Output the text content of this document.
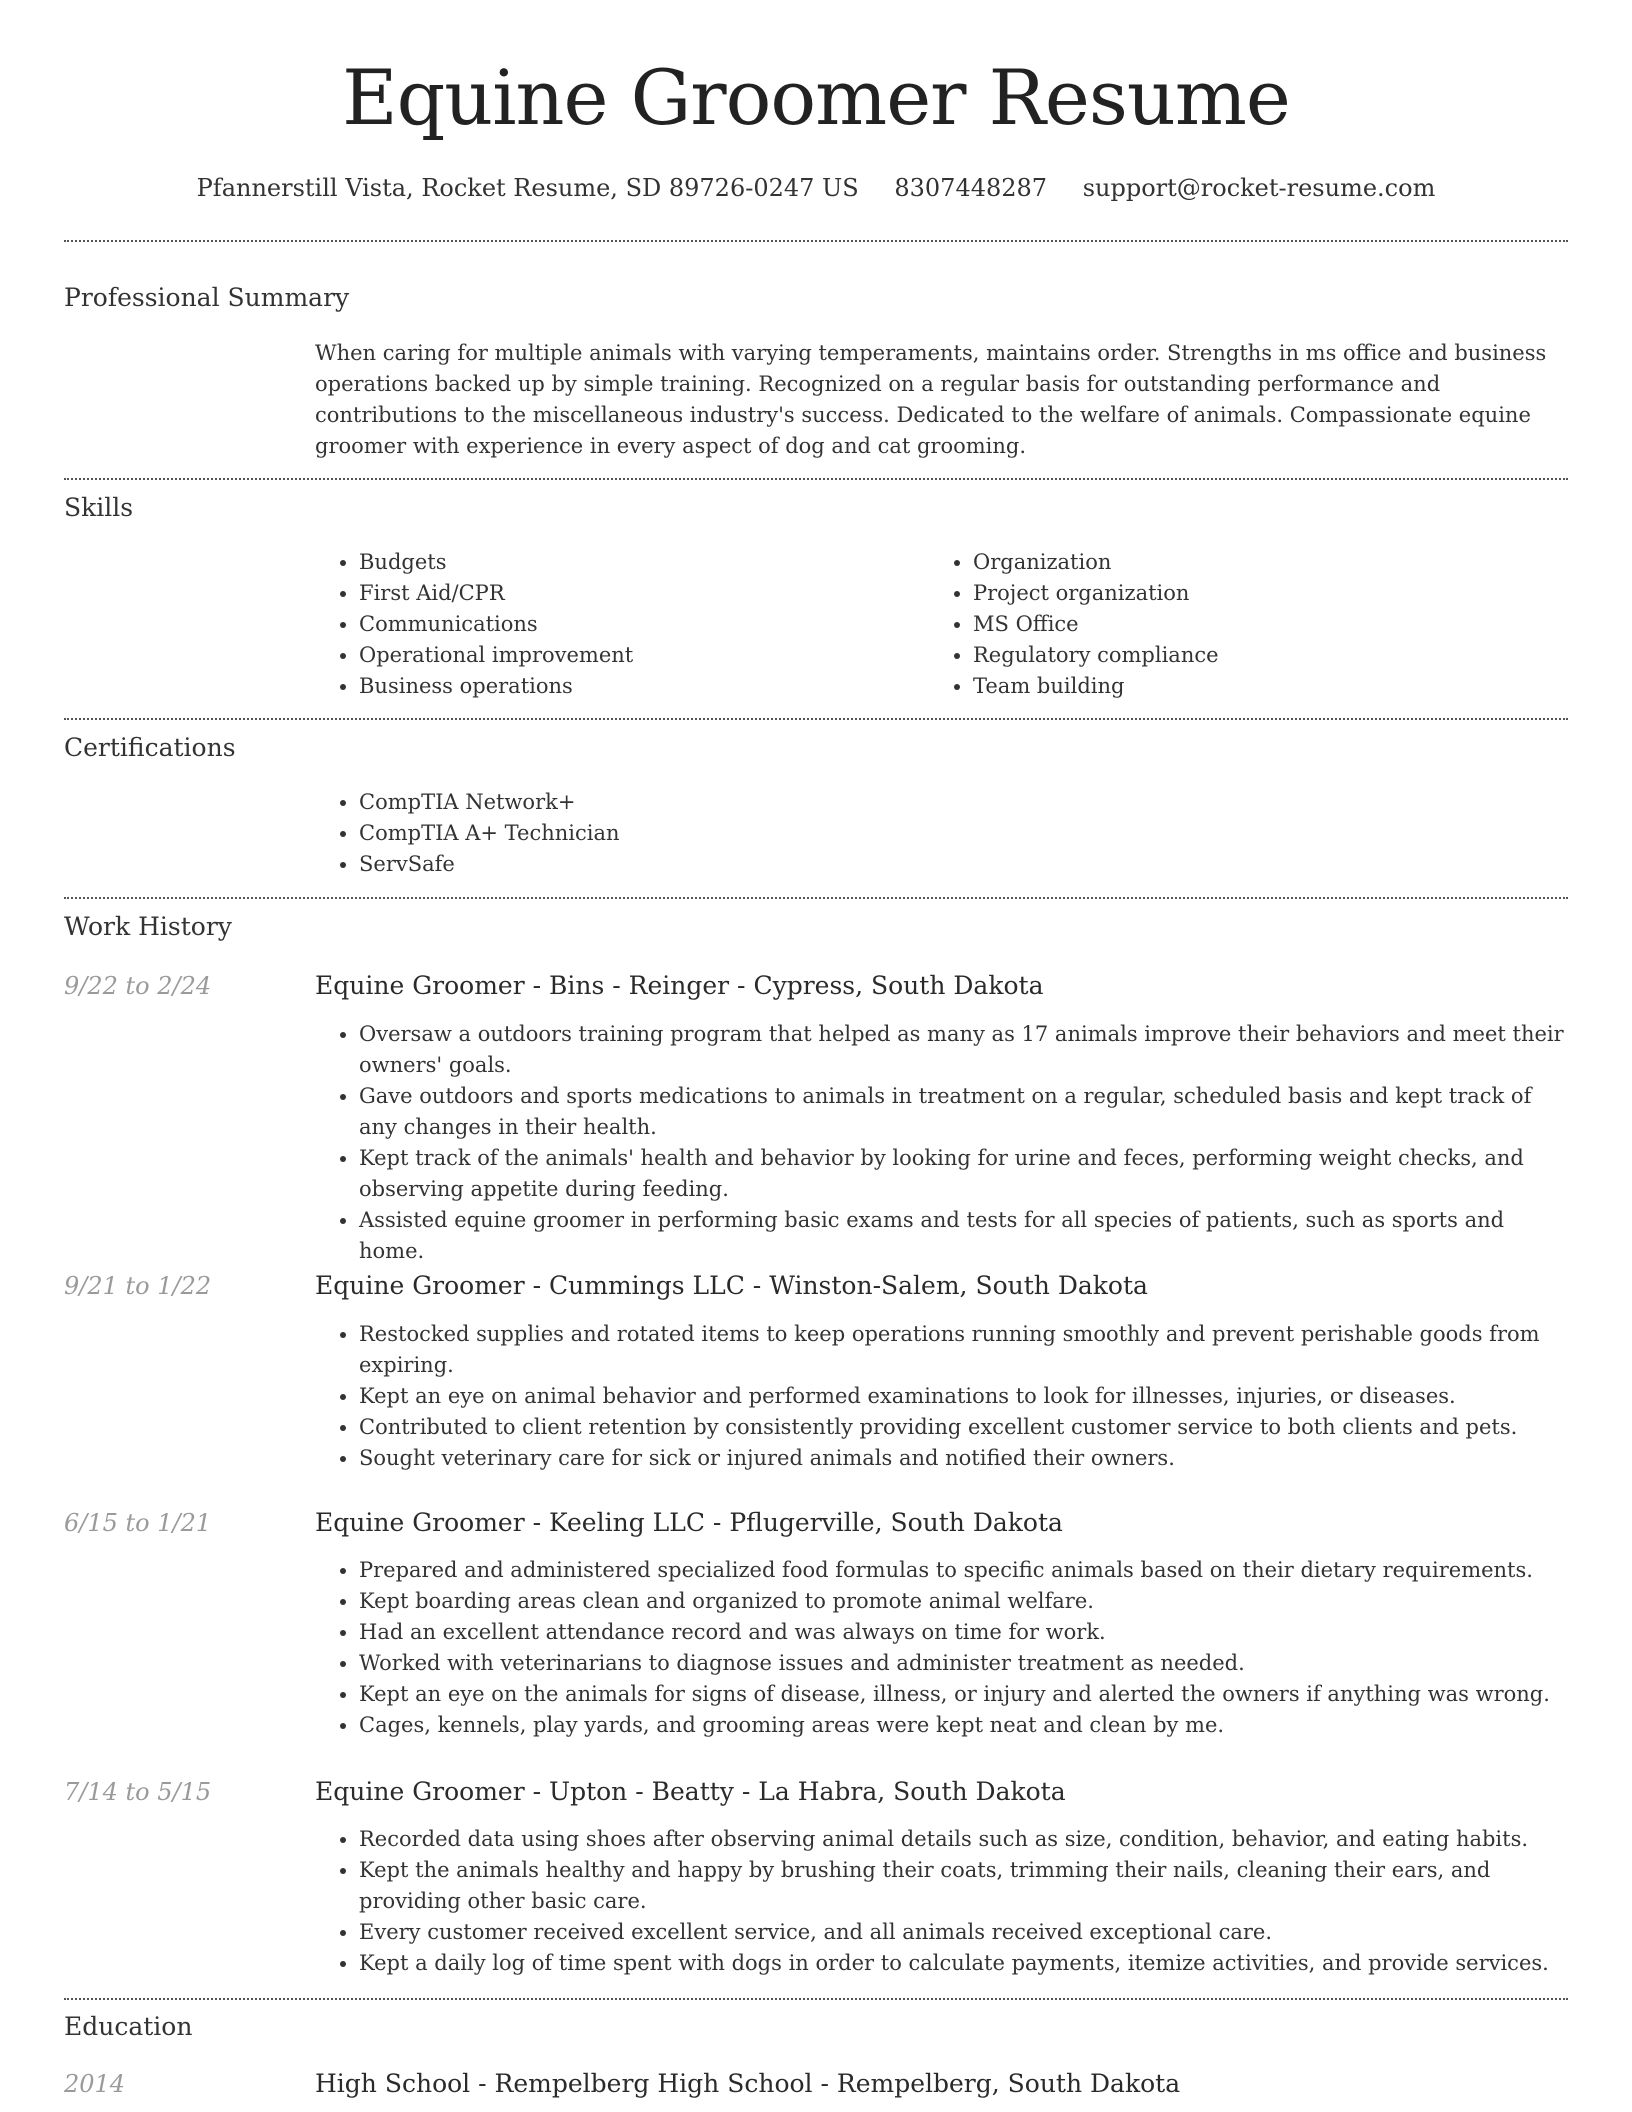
Equine Groomer Resume
Pfannerstill Vista, Rocket Resume, SD 89726-0247 US 8307448287 support@rocket-resume.com
Professional Summary
When caring for multiple animals with varying temperaments, maintains order. Strengths in ms office and business operations backed up by simple training. Recognized on a regular basis for outstanding performance and contributions to the miscellaneous industry's success. Dedicated to the welfare of animals. Compassionate equine groomer with experience in every aspect of dog and cat grooming.
Skills
• Budgets
• First Aid/CPR
• Communications
• Operational improvement
• Business operations
• Organization
• Project organization
• MS Office
• Regulatory compliance
• Team building
Certifications
• CompTIA Network+
• CompTIA A+ Technician
• ServSafe
Work History
9/22 to 2/24	Equine Groomer - Bins - Reinger - Cypress, South Dakota
• Oversaw a outdoors training program that helped as many as 17 animals improve their behaviors and meet their owners' goals.
• Gave outdoors and sports medications to animals in treatment on a regular, scheduled basis and kept track of any changes in their health.
• Kept track of the animals' health and behavior by looking for urine and feces, performing weight checks, and observing appetite during feeding.
• Assisted equine groomer in performing basic exams and tests for all species of patients, such as sports and home.
9/21 to 1/22	Equine Groomer - Cummings LLC - Winston-Salem, South Dakota
• Restocked supplies and rotated items to keep operations running smoothly and prevent perishable goods from expiring.
• Kept an eye on animal behavior and performed examinations to look for illnesses, injuries, or diseases.
• Contributed to client retention by consistently providing excellent customer service to both clients and pets.
• Sought veterinary care for sick or injured animals and notified their owners.
6/15 to 1/21	Equine Groomer - Keeling LLC - Pflugerville, South Dakota
• Prepared and administered specialized food formulas to specific animals based on their dietary requirements.
• Kept boarding areas clean and organized to promote animal welfare.
• Had an excellent attendance record and was always on time for work.
• Worked with veterinarians to diagnose issues and administer treatment as needed.
• Kept an eye on the animals for signs of disease, illness, or injury and alerted the owners if anything was wrong.
• Cages, kennels, play yards, and grooming areas were kept neat and clean by me.
7/14 to 5/15	Equine Groomer - Upton - Beatty - La Habra, South Dakota
• Recorded data using shoes after observing animal details such as size, condition, behavior, and eating habits.
• Kept the animals healthy and happy by brushing their coats, trimming their nails, cleaning their ears, and providing other basic care.
• Every customer received excellent service, and all animals received exceptional care.
• Kept a daily log of time spent with dogs in order to calculate payments, itemize activities, and provide services.
Education
2014	High School - Rempelberg High School - Rempelberg, South Dakota
